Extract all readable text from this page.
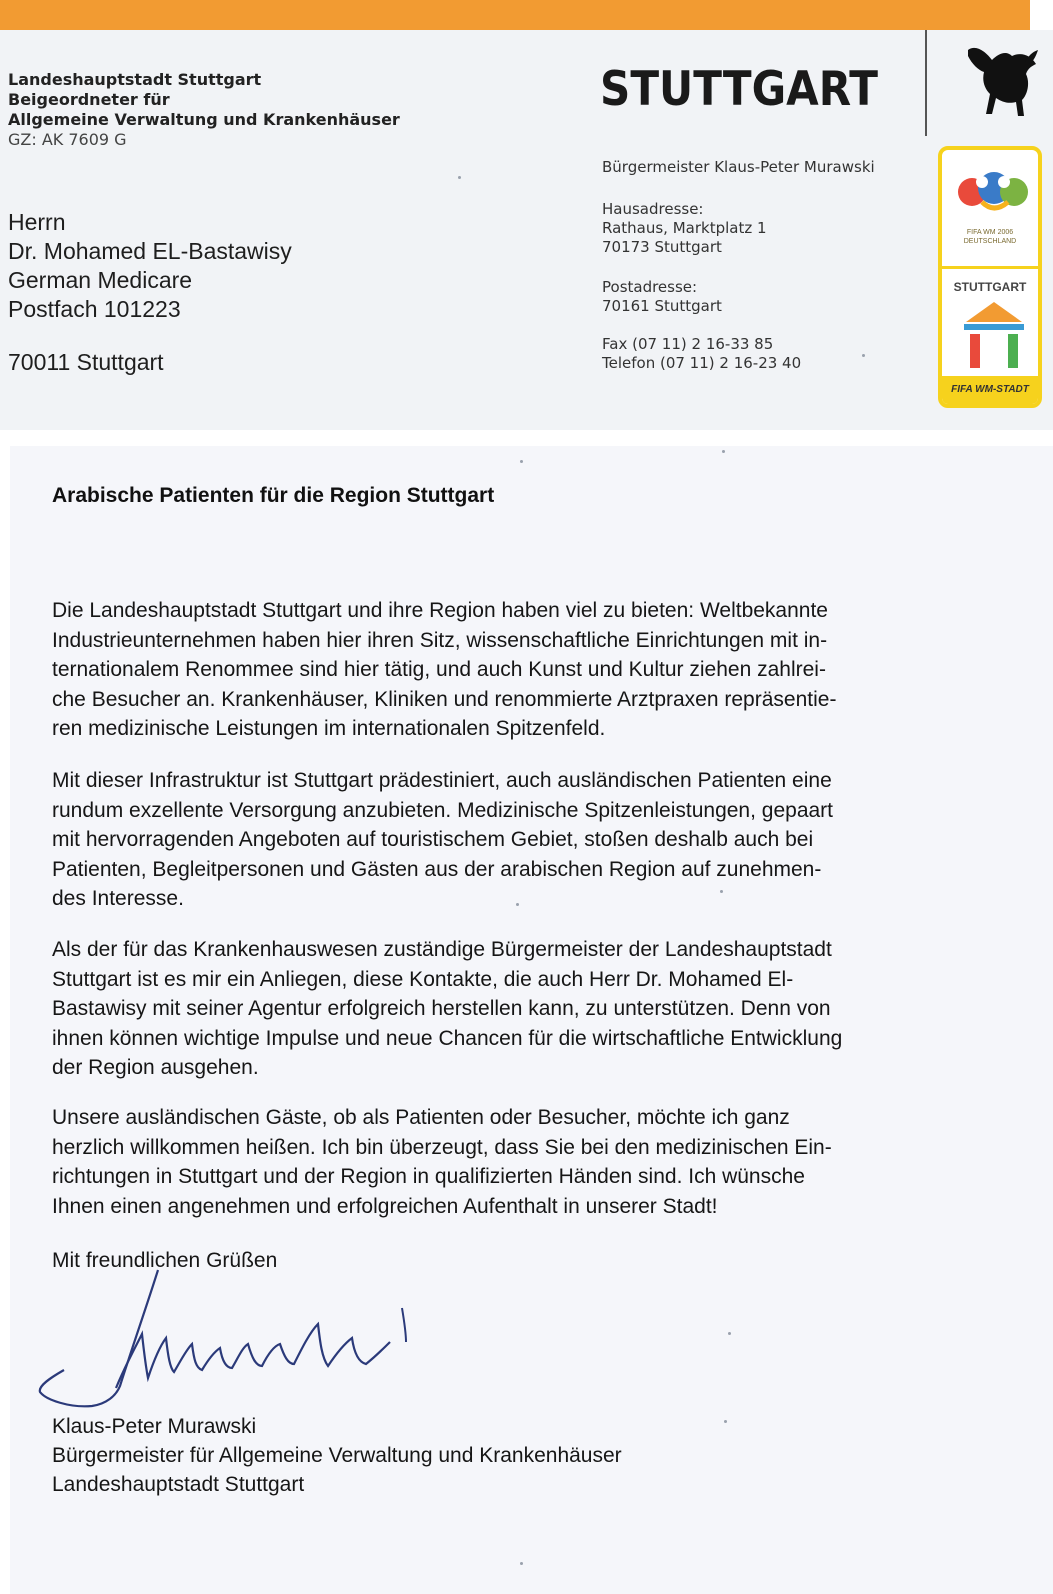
Landeshauptstadt Stuttgart
Beigeordneter für
Allgemeine Verwaltung und Krankenhäuser
GZ: AK 7609 G
Herrn
Dr. Mohamed EL-Bastawisy
German Medicare
Postfach 101223
70011 Stuttgart
STUTTGART
Bürgermeister Klaus-Peter Murawski
Hausadresse:
Rathaus, Marktplatz 1
70173 Stuttgart
Postadresse:
70161 Stuttgart
Fax (07 11) 2 16-33 85
Telefon (07 11) 2 16-23 40
FIFA WM 2006 DEUTSCHLAND
STUTTGART
FIFA WM-STADT
Arabische Patienten für die Region Stuttgart
Die Landeshauptstadt Stuttgart und ihre Region haben viel zu bieten: Weltbekannte
Industrieunternehmen haben hier ihren Sitz, wissenschaftliche Einrichtungen mit in-
ternationalem Renommee sind hier tätig, und auch Kunst und Kultur ziehen zahlrei-
che Besucher an. Krankenhäuser, Kliniken und renommierte Arztpraxen repräsentie-
ren medizinische Leistungen im internationalen Spitzenfeld.
Mit dieser Infrastruktur ist Stuttgart prädestiniert, auch ausländischen Patienten eine
rundum exzellente Versorgung anzubieten. Medizinische Spitzenleistungen, gepaart
mit hervorragenden Angeboten auf touristischem Gebiet, stoßen deshalb auch bei
Patienten, Begleitpersonen und Gästen aus der arabischen Region auf zunehmen-
des Interesse.
Als der für das Krankenhauswesen zuständige Bürgermeister der Landeshauptstadt
Stuttgart ist es mir ein Anliegen, diese Kontakte, die auch Herr Dr. Mohamed El-
Bastawisy mit seiner Agentur erfolgreich herstellen kann, zu unterstützen. Denn von
ihnen können wichtige Impulse und neue Chancen für die wirtschaftliche Entwicklung
der Region ausgehen.
Unsere ausländischen Gäste, ob als Patienten oder Besucher, möchte ich ganz
herzlich willkommen heißen. Ich bin überzeugt, dass Sie bei den medizinischen Ein-
richtungen in Stuttgart und der Region in qualifizierten Händen sind. Ich wünsche
Ihnen einen angenehmen und erfolgreichen Aufenthalt in unserer Stadt!
Mit freundlichen Grüßen
Klaus-Peter Murawski
Bürgermeister für Allgemeine Verwaltung und Krankenhäuser
Landeshauptstadt Stuttgart
